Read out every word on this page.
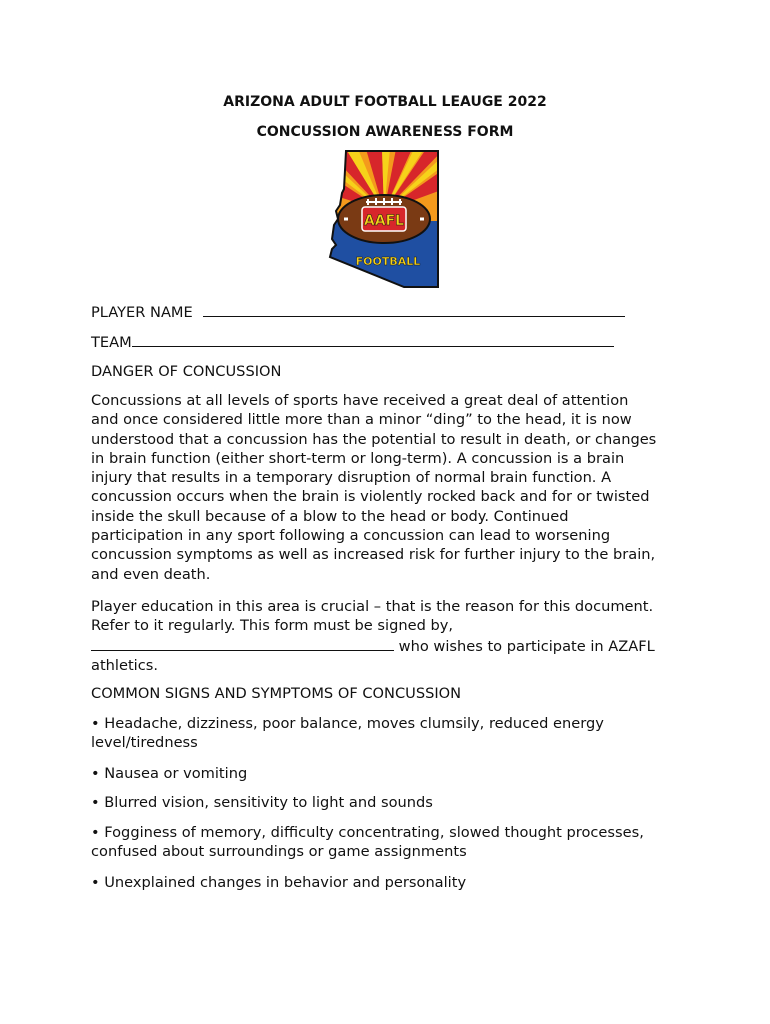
ARIZONA ADULT FOOTBALL LEAUGE 2022
CONCUSSION AWARENESS FORM
AAFL
FOOTBALL
PLAYER NAME
TEAM
DANGER OF CONCUSSION

Concussions at all levels of sports have received a great deal of attention

and once considered little more than a minor “ding” to the head, it is now

understood that a concussion has the potential to result in death, or changes

in brain function (either short-term or long-term). A concussion is a brain

injury that results in a temporary disruption of normal brain function. A

concussion occurs when the brain is violently rocked back and for or twisted

inside the skull because of a blow to the head or body. Continued

participation in any sport following a concussion can lead to worsening

concussion symptoms as well as increased risk for further injury to the brain,

and even death.

Player education in this area is crucial – that is the reason for this document.

Refer to it regularly. This form must be signed by,

who wishes to participate in AZAFL

athletics.

COMMON SIGNS AND SYMPTOMS OF CONCUSSION

• Headache, dizziness, poor balance, moves clumsily, reduced energy

level/tiredness

• Nausea or vomiting

• Blurred vision, sensitivity to light and sounds

• Fogginess of memory, difficulty concentrating, slowed thought processes,

confused about surroundings or game assignments

• Unexplained changes in behavior and personality
